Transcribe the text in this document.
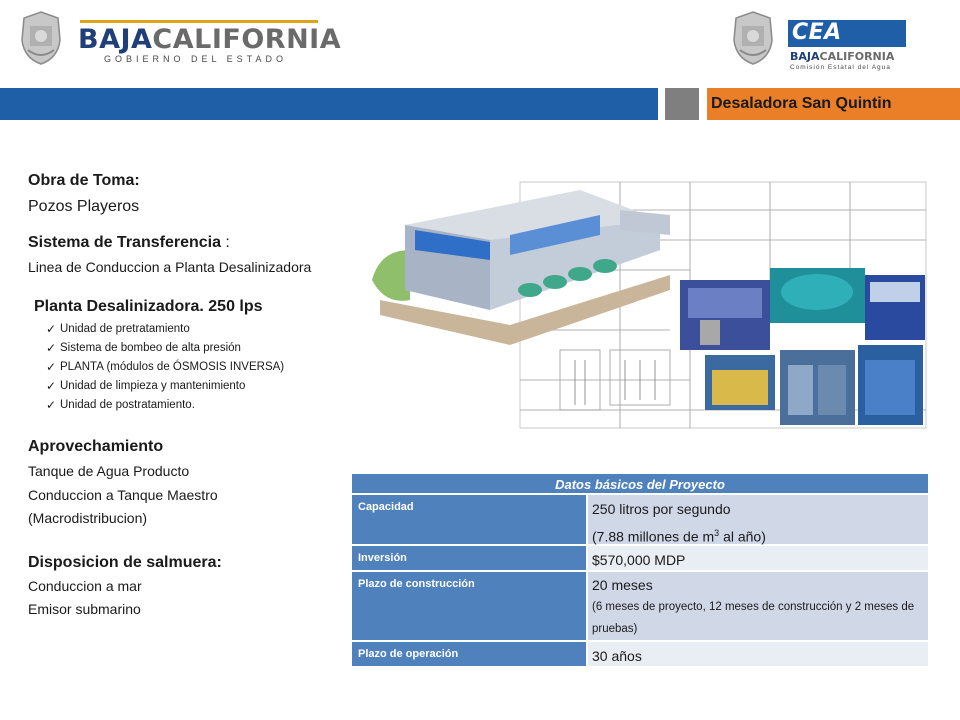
BAJACALIFORNIA
GOBIERNO DEL ESTADO
CEA
BAJACALIFORNIA
Comisión Estatal del Agua
Desaladora San Quintin
Obra de Toma:
Pozos Playeros
Sistema de Transferencia :
Linea de Conduccion a Planta Desalinizadora
Planta Desalinizadora. 250 lps
✓ Unidad de pretratamiento
✓ Sistema de bombeo de alta presión
✓ PLANTA (módulos de ÓSMOSIS INVERSA)
✓ Unidad de limpieza y mantenimiento
✓ Unidad de postratamiento.
Aprovechamiento
Tanque de Agua Producto
Conduccion a Tanque Maestro
(Macrodistribucion)
Disposicion de salmuera:
Conduccion a mar
Emisor submarino
Datos básicos del Proyecto
Capacidad	250 litros por segundo
(7.88 millones de $m^3$ al año)
Inversión	$570,000 MDP
Plazo de construcción	20 meses
(6 meses de proyecto, 12 meses de construcción y 2 meses de pruebas)
Plazo de operación	30 años
